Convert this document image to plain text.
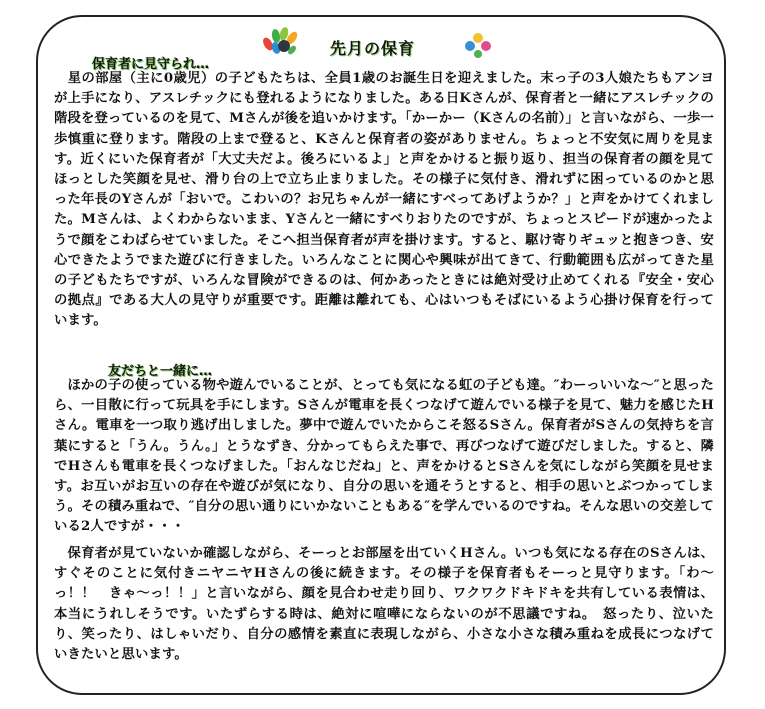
先月の保育
保育者に見守られ…

　星の部屋（主に0歳児）の子どもたちは、全員1歳のお誕生日を迎えました。末っ子の3人娘たちもアンヨが上手になり、アスレチックにも登れるようになりました。ある日Kさんが、保育者と一緒にアスレチックの階段を登っているのを見て、Mさんが後を追いかけます。「かーかー（Kさんの名前）」と言いながら、一歩一歩慎重に登ります。階段の上まで登ると、Kさんと保育者の姿がありません。ちょっと不安気に周りを見ます。近くにいた保育者が「大丈夫だよ。後ろにいるよ」と声をかけると振り返り、担当の保育者の顔を見てほっとした笑顔を見せ、滑り台の上で立ち止まりました。その様子に気付き、滑れずに困っているのかと思った年長のYさんが「おいで。こわいの？お兄ちゃんが一緒にすべってあげようか？」と声をかけてくれました。Mさんは、よくわからないまま、Yさんと一緒にすべりおりたのですが、ちょっとスピードが速かったようで顔をこわばらせていました。そこへ担当保育者が声を掛けます。すると、駆け寄りギュッと抱きつき、安心できたようでまた遊びに行きました。いろんなことに関心や興味が出てきて、行動範囲も広がってきた星の子どもたちですが、いろんな冒険ができるのは、何かあったときには絶対受け止めてくれる『安全・安心の拠点』である大人の見守りが重要です。距離は離れても、心はいつもそばにいるよう心掛け保育を行っています。

友だちと一緒に…

　ほかの子の使っている物や遊んでいることが、とっても気になる虹の子ども達。″わーっいいな～″と思ったら、一目散に行って玩具を手にします。Sさんが電車を長くつなげて遊んでいる様子を見て、魅力を感じたHさん。電車を一つ取り逃げ出しました。夢中で遊んでいたからこそ怒るSさん。保育者がSさんの気持ちを言葉にすると「うん。うん。」とうなずき、分かってもらえた事で、再びつなげて遊びだしました。すると、隣でHさんも電車を長くつなげました。「おんなじだね」と、声をかけるとSさんを気にしながら笑顔を見せます。お互いがお互いの存在や遊びが気になり、自分の思いを通そうとすると、相手の思いとぶつかってしまう。その積み重ねで、″自分の思い通りにいかないこともある″を学んでいるのですね。そんな思いの交差している2人ですが・・・

　保育者が見ていないか確認しながら、そーっとお部屋を出ていくHさん。いつも気になる存在のSさんは、すぐそのことに気付きニヤニヤHさんの後に続きます。その様子を保育者もそーっと見守ります。「わ～っ！！　きゃ～っ！！」と言いながら、顔を見合わせ走り回り、ワクワクドキドキを共有している表情は、本当にうれしそうです。いたずらする時は、絶対に喧嘩にならないのが不思議ですね。　怒ったり、泣いたり、笑ったり、はしゃいだり、自分の感情を素直に表現しながら、小さな小さな積み重ねを成長につなげていきたいと思います。
